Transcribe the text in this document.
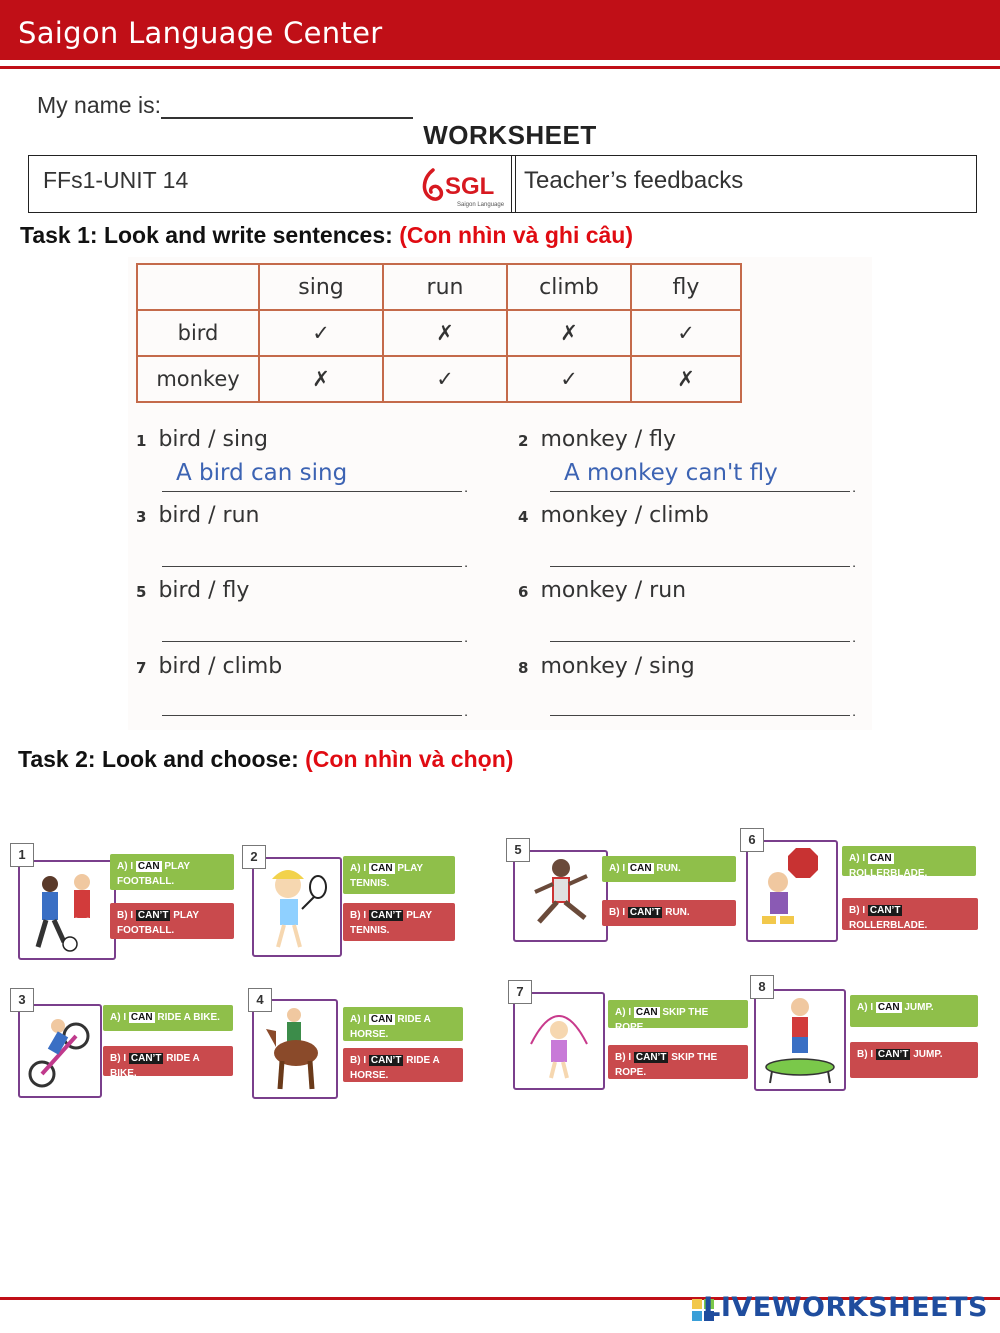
Saigon Language Center
My name is:
WORKSHEET
FFs1-UNIT 14	SGL
Saigon Language
Teacher’s feedbacks
Task 1: Look and write sentences: (Con nhìn và ghi câu)
	sing	run	climb	fly
bird	✓	✗	✗	✓
monkey	✗	✓	✓	✗
1 bird / sing
A bird can sing
.
2 monkey / fly
A monkey can't fly
.
3 bird / run
.
4 monkey / climb
.
5 bird / fly
.
6 monkey / run
.
7 bird / climb
.
8 monkey / sing
.
Task 2: Look and choose: (Con nhìn và chọn)
1
A) I CAN PLAY FOOTBALL.
B) I CAN’T PLAY FOOTBALL.
2
A) I CAN PLAY TENNIS.
B) I CAN’T PLAY TENNIS.
3
A) I CAN RIDE A BIKE.
B) I CAN’T RIDE A BIKE.
4
A) I CAN RIDE A HORSE.
B) I CAN’T RIDE A HORSE.
5
A) I CAN RUN.
B) I CAN’T RUN.
6
A) I CAN ROLLERBLADE.
B) I CAN’T ROLLERBLADE.
7
A) I CAN SKIP THE ROPE.
B) I CAN’T SKIP THE ROPE.
8
A) I CAN JUMP.
B) I CAN’T JUMP.
LIVEWORKSHEETS
